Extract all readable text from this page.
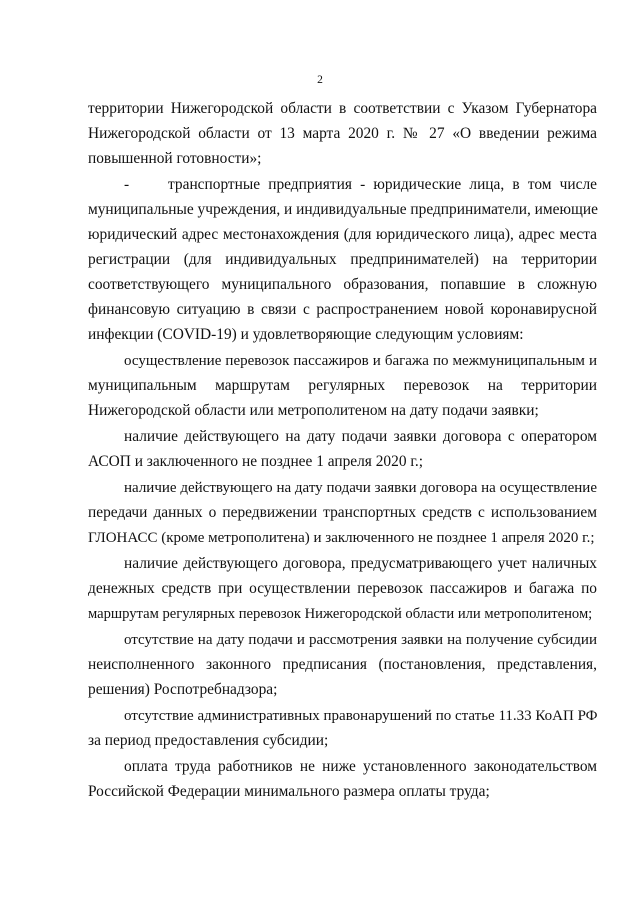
2
территории Нижегородской области в соответствии с Указом Губернатора
Нижегородской области от 13 марта 2020 г. № 27 «О введении режима
повышенной готовности»;
-	транспортные предприятия - юридические лица, в том числе
муниципальные учреждения, и индивидуальные предприниматели, имеющие
юридический адрес местонахождения (для юридического лица), адрес места
регистрации (для индивидуальных предпринимателей) на территории
соответствующего муниципального образования, попавшие в сложную
финансовую ситуацию в связи с распространением новой коронавирусной
инфекции (COVID-19) и удовлетворяющие следующим условиям:
осуществление перевозок пассажиров и багажа по межмуниципальным и
муниципальным маршрутам регулярных перевозок на территории
Нижегородской области или метрополитеном на дату подачи заявки;
наличие действующего на дату подачи заявки договора с оператором
АСОП и заключенного не позднее 1 апреля 2020 г.;
наличие действующего на дату подачи заявки договора на осуществление
передачи данных о передвижении транспортных средств с использованием
ГЛОНАСС (кроме метрополитена) и заключенного не позднее 1 апреля 2020 г.;
наличие действующего договора, предусматривающего учет наличных
денежных средств при осуществлении перевозок пассажиров и багажа по
маршрутам регулярных перевозок Нижегородской области или метрополитеном;
отсутствие на дату подачи и рассмотрения заявки на получение субсидии
неисполненного законного предписания (постановления, представления,
решения) Роспотребнадзора;
отсутствие административных правонарушений по статье 11.33 КоАП РФ
за период предоставления субсидии;
оплата труда работников не ниже установленного законодательством
Российской Федерации минимального размера оплаты труда;
